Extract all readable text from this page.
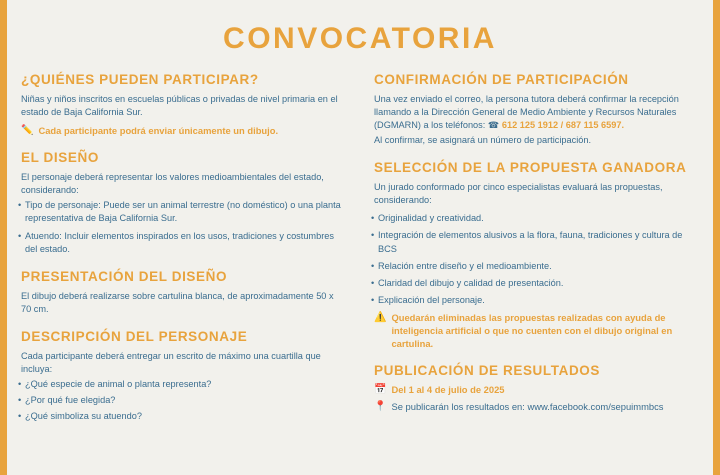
CONVOCATORIA
¿QUIÉNES PUEDEN PARTICIPAR?

Niñas y niños inscritos en escuelas públicas o privadas de nivel primaria en el estado de Baja California Sur.

✏️ Cada participante podrá enviar únicamente un dibujo.
EL DISEÑO

El personaje deberá representar los valores medioambientales del estado, considerando:

• Tipo de personaje: Puede ser un animal terrestre (no doméstico) o una planta representativa de Baja California Sur.
• Atuendo: Incluir elementos inspirados en los usos, tradiciones y costumbres del estado.
PRESENTACIÓN DEL DISEÑO

El dibujo deberá realizarse sobre cartulina blanca, de aproximadamente 50 x 70 cm.

DESCRIPCIÓN DEL PERSONAJE

Cada participante deberá entregar un escrito de máximo una cuartilla que incluya:

• ¿Qué especie de animal o planta representa?
• ¿Por qué fue elegida?
• ¿Qué simboliza su atuendo?
CONFIRMACIÓN DE PARTICIPACIÓN

Una vez enviado el correo, la persona tutora deberá confirmar la recepción llamando a la Dirección General de Medio Ambiente y Recursos Naturales (DGMARN) a los teléfonos: ☎ 612 125 1912 / 687 115 6597.

Al confirmar, se asignará un número de participación.

SELECCIÓN DE LA PROPUESTA GANADORA

Un jurado conformado por cinco especialistas evaluará las propuestas, considerando:

• Originalidad y creatividad.
• Integración de elementos alusivos a la flora, fauna, tradiciones y cultura de BCS
• Relación entre diseño y el medioambiente.
• Claridad del dibujo y calidad de presentación.
• Explicación del personaje.
⚠️ Quedarán eliminadas las propuestas realizadas con ayuda de inteligencia artificial o que no cuenten con el dibujo original en cartulina.
PUBLICACIÓN DE RESULTADOS
📅 Del 1 al 4 de julio de 2025
📍 Se publicarán los resultados en: www.facebook.com/sepuimmbcs
